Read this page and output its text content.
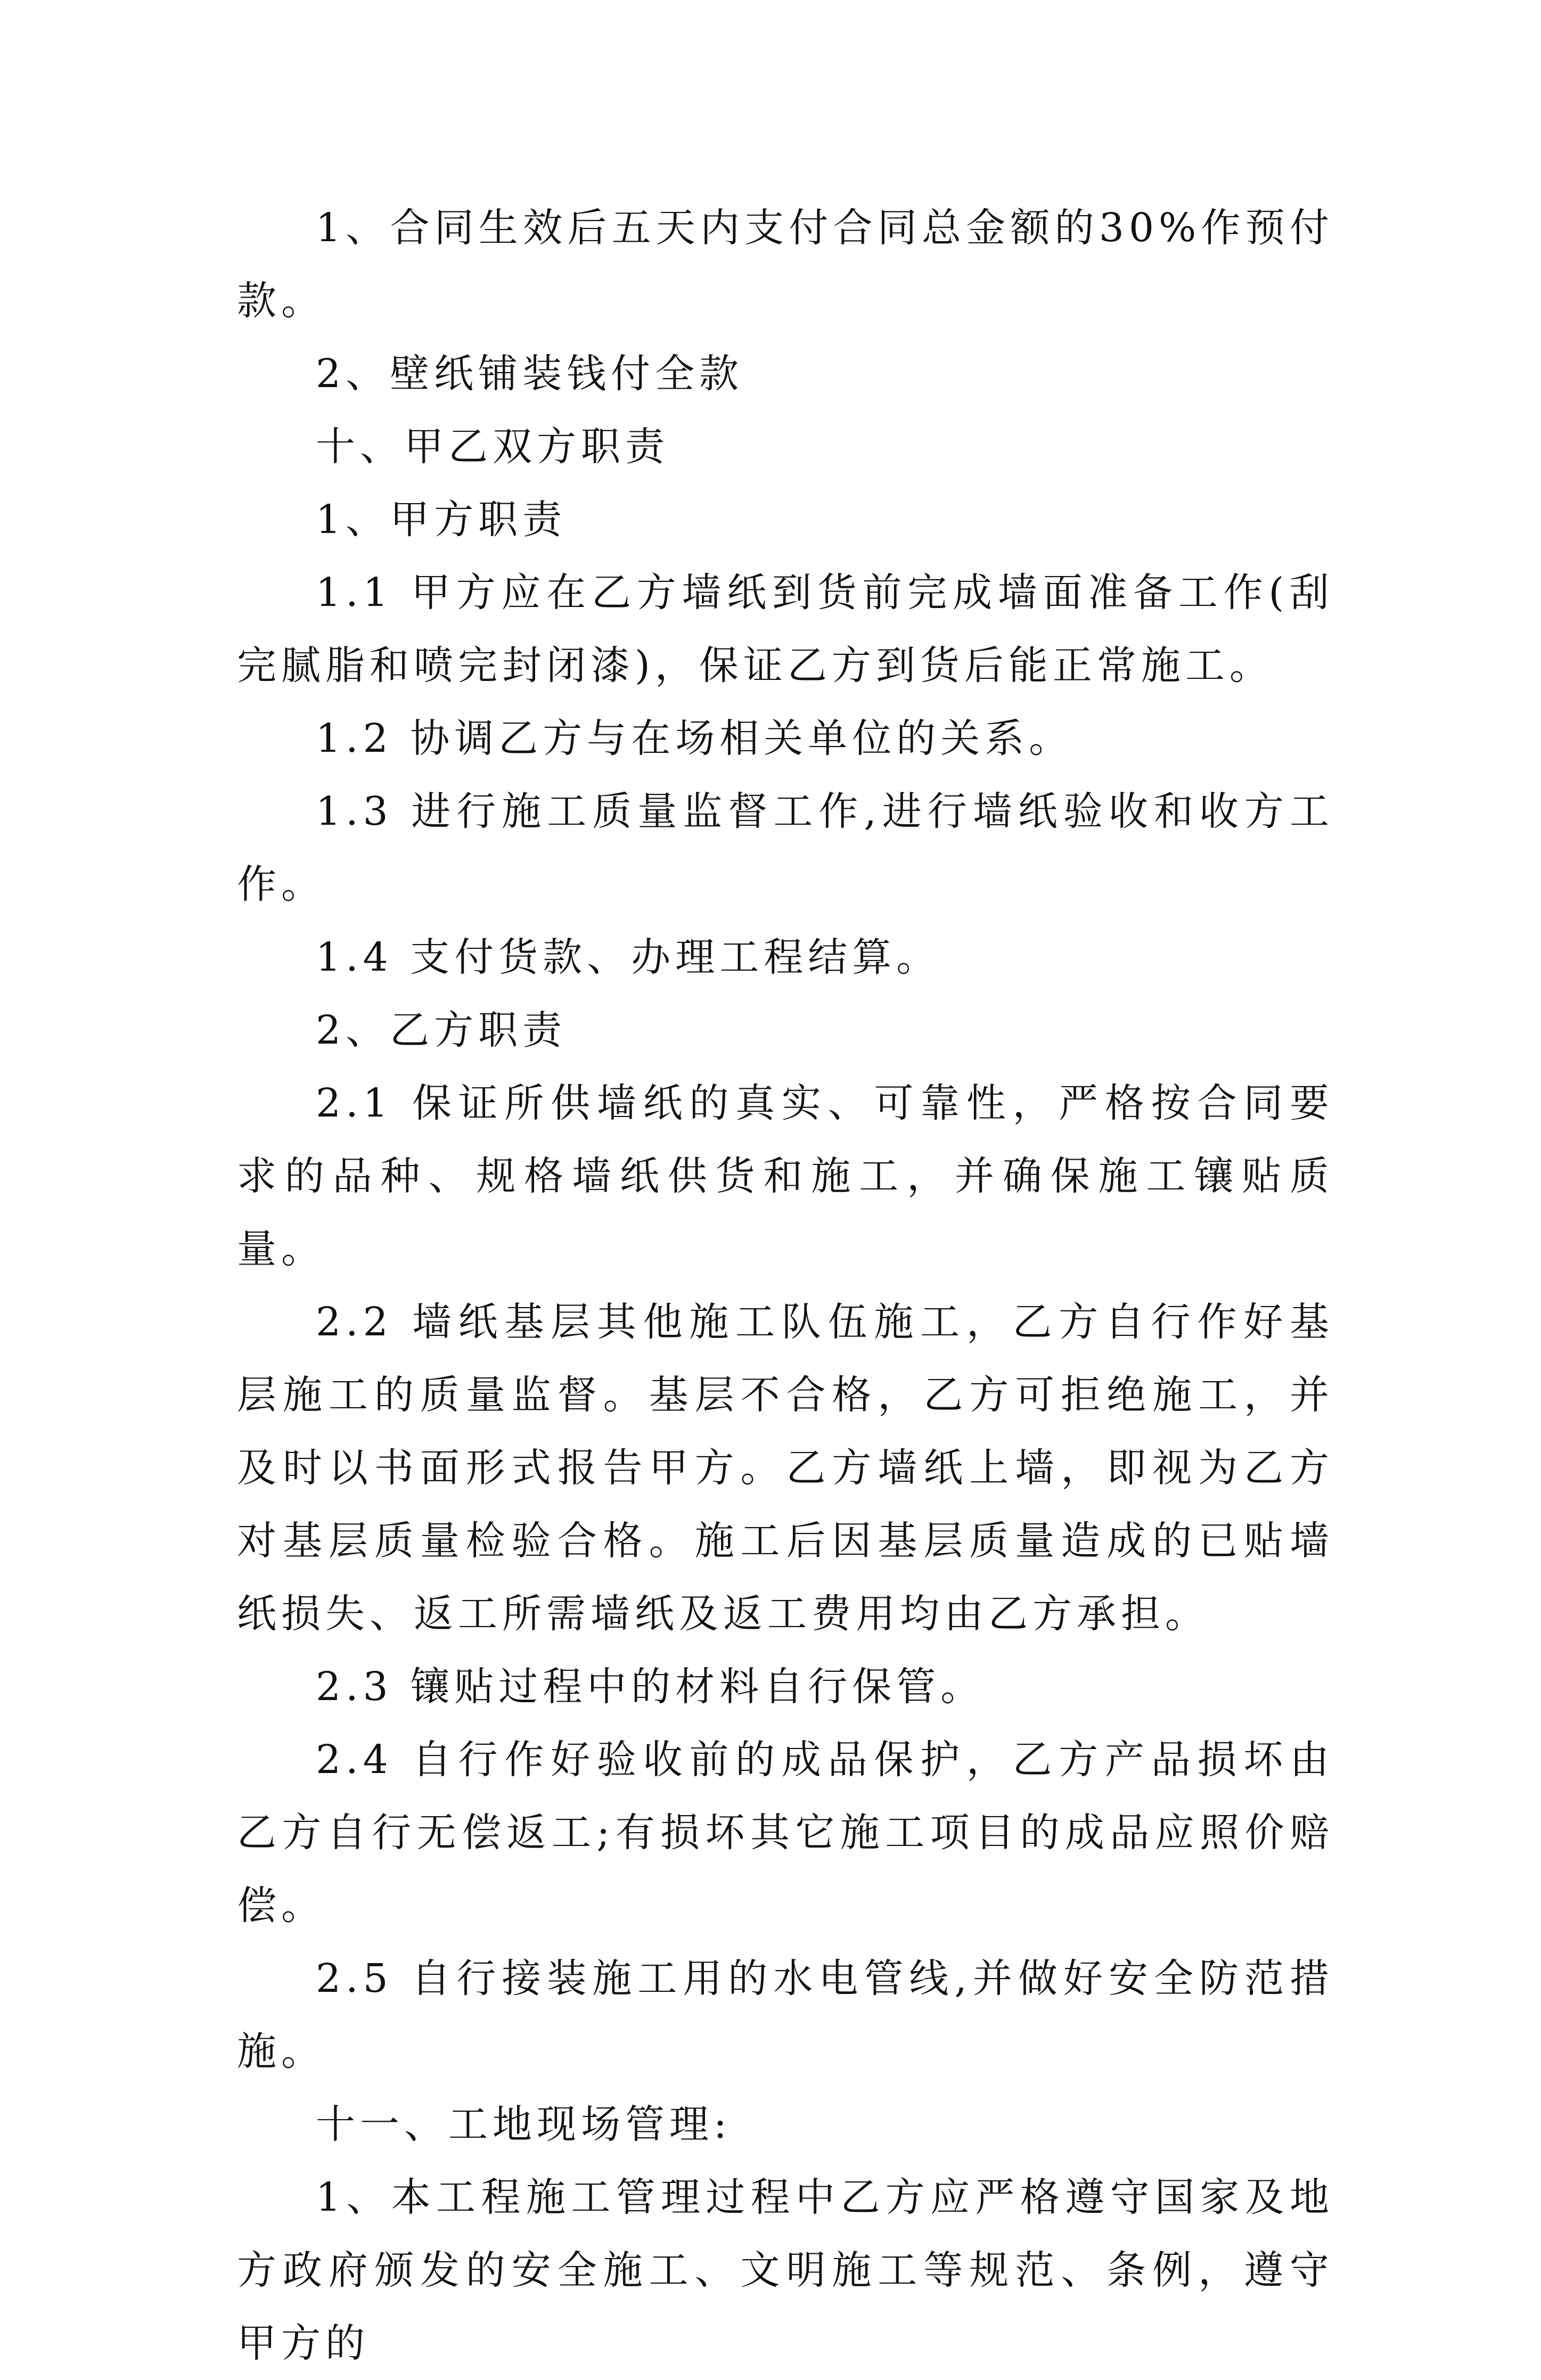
1、合同生效后五天内支付合同总金额的30%作预付款。

2、壁纸铺装钱付全款

十、甲乙双方职责

1、甲方职责

1.1 甲方应在乙方墙纸到货前完成墙面准备工作(刮完腻脂和喷完封闭漆)，保证乙方到货后能正常施工。

1.2 协调乙方与在场相关单位的关系。

1.3 进行施工质量监督工作,进行墙纸验收和收方工作。

1.4 支付货款、办理工程结算。

2、乙方职责

2.1 保证所供墙纸的真实、可靠性，严格按合同要求的品种、规格墙纸供货和施工，并确保施工镶贴质量。

2.2 墙纸基层其他施工队伍施工，乙方自行作好基层施工的质量监督。基层不合格，乙方可拒绝施工，并及时以书面形式报告甲方。乙方墙纸上墙，即视为乙方对基层质量检验合格。施工后因基层质量造成的已贴墙纸损失、返工所需墙纸及返工费用均由乙方承担。

2.3 镶贴过程中的材料自行保管。

2.4 自行作好验收前的成品保护，乙方产品损坏由乙方自行无偿返工;有损坏其它施工项目的成品应照价赔偿。

2.5 自行接装施工用的水电管线,并做好安全防范措施。

十一、工地现场管理:

1、本工程施工管理过程中乙方应严格遵守国家及地方政府颁发的安全施工、文明施工等规范、条例，遵守甲方的
